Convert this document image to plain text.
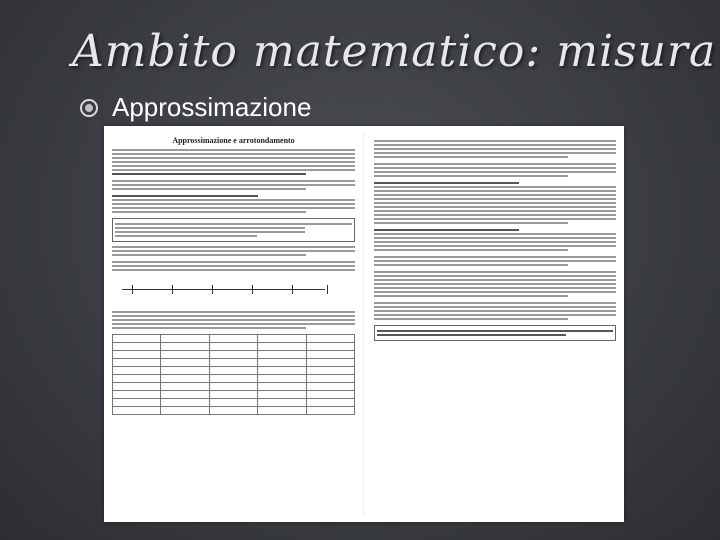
Ambito matematico: misura
Approssimazione
Approssimazione e arrotondamento
